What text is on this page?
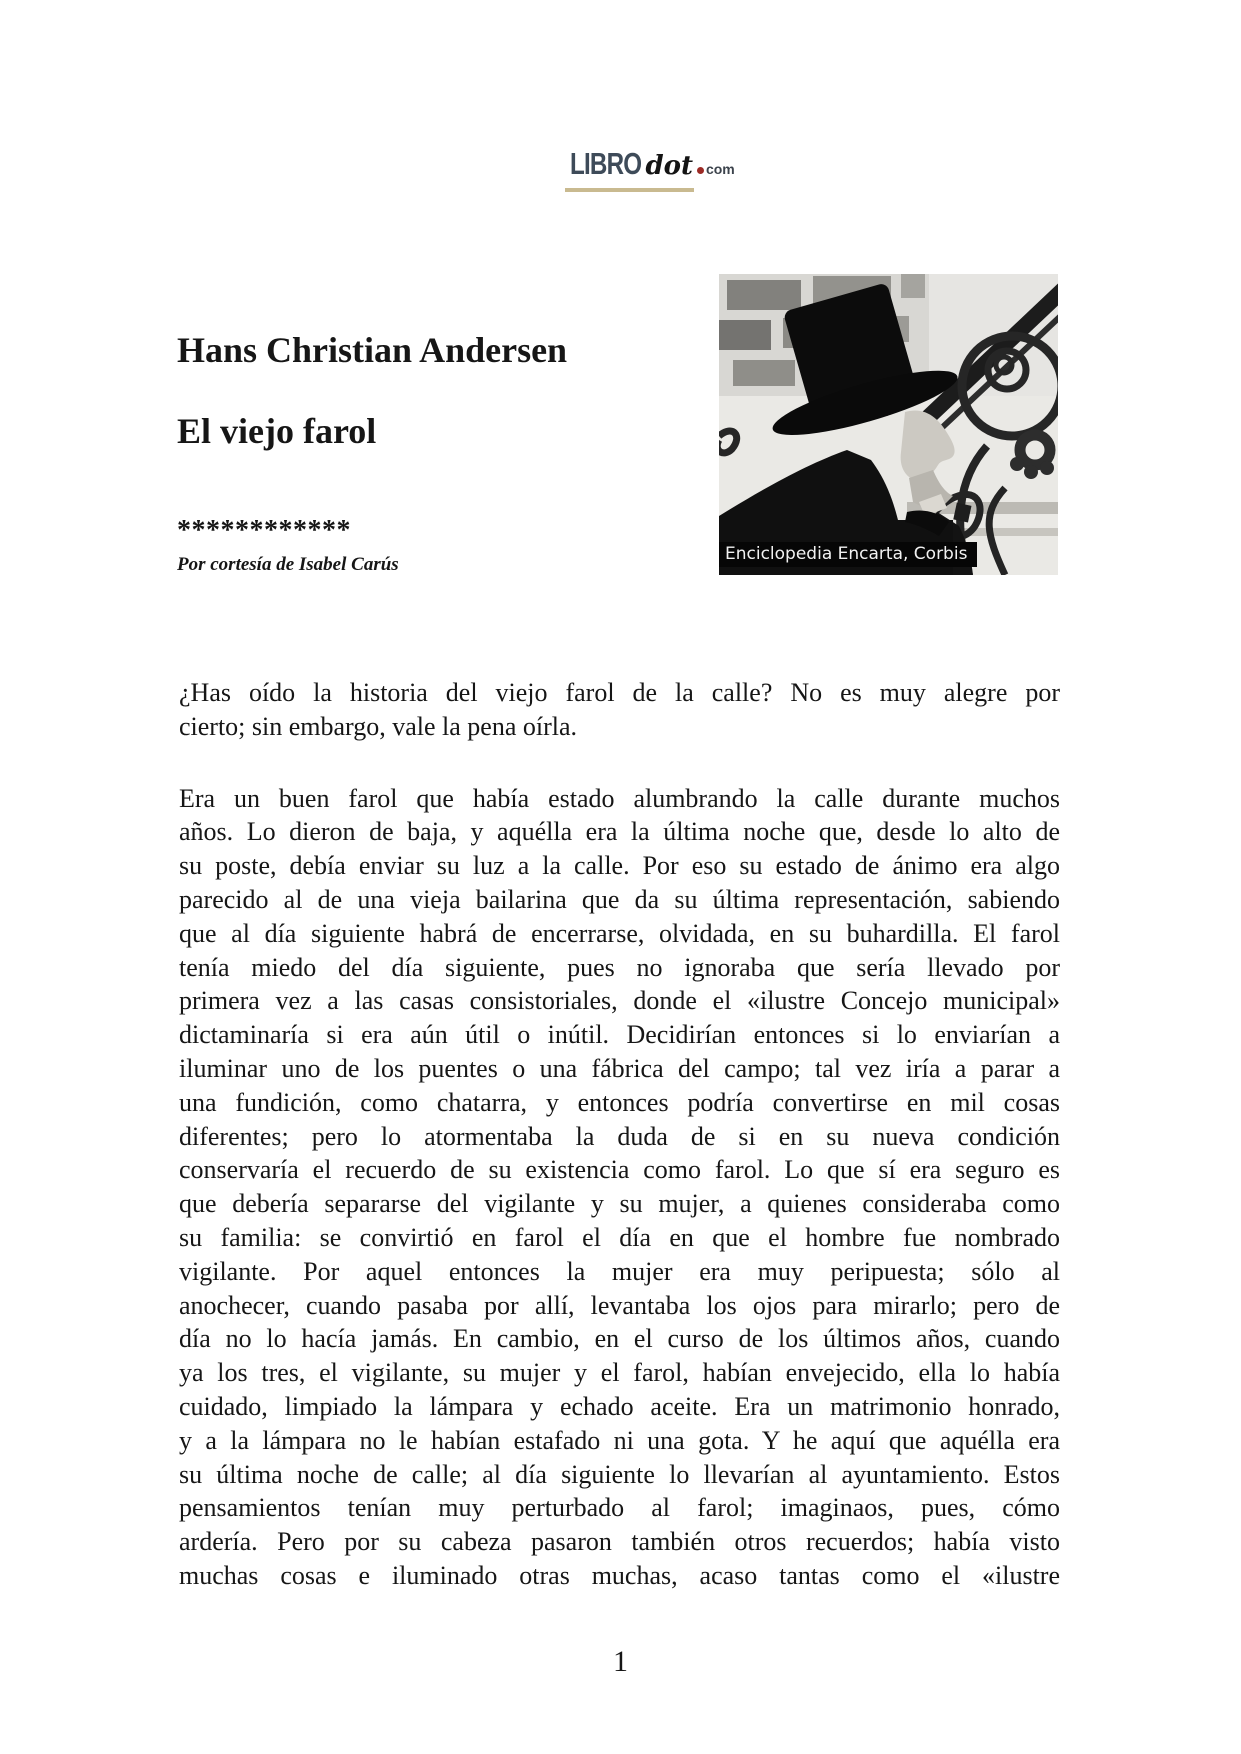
LIBRO dot com
Hans Christian Andersen
El viejo farol
************
Por cortesía de Isabel Carús	Enciclopedia Encarta, Corbis
¿Has oído la historia del viejo farol de la calle? No es muy alegre por
cierto; sin embargo, vale la pena oírla.
Era un buen farol que había estado alumbrando la calle durante muchos
años. Lo dieron de baja, y aquélla era la última noche que, desde lo alto de
su poste, debía enviar su luz a la calle. Por eso su estado de ánimo era algo
parecido al de una vieja bailarina que da su última representación, sabiendo
que al día siguiente habrá de encerrarse, olvidada, en su buhardilla. El farol
tenía miedo del día siguiente, pues no ignoraba que sería llevado por
primera vez a las casas consistoriales, donde el «ilustre Concejo municipal»
dictaminaría si era aún útil o inútil. Decidirían entonces si lo enviarían a
iluminar uno de los puentes o una fábrica del campo; tal vez iría a parar a
una fundición, como chatarra, y entonces podría convertirse en mil cosas
diferentes; pero lo atormentaba la duda de si en su nueva condición
conservaría el recuerdo de su existencia como farol. Lo que sí era seguro es
que debería separarse del vigilante y su mujer, a quienes consideraba como
su familia: se convirtió en farol el día en que el hombre fue nombrado
vigilante. Por aquel entonces la mujer era muy peripuesta; sólo al
anochecer, cuando pasaba por allí, levantaba los ojos para mirarlo; pero de
día no lo hacía jamás. En cambio, en el curso de los últimos años, cuando
ya los tres, el vigilante, su mujer y el farol, habían envejecido, ella lo había
cuidado, limpiado la lámpara y echado aceite. Era un matrimonio honrado,
y a la lámpara no le habían estafado ni una gota. Y he aquí que aquélla era
su última noche de calle; al día siguiente lo llevarían al ayuntamiento. Estos
pensamientos tenían muy perturbado al farol; imaginaos, pues, cómo
ardería. Pero por su cabeza pasaron también otros recuerdos; había visto
muchas cosas e iluminado otras muchas, acaso tantas como el «ilustre
1
